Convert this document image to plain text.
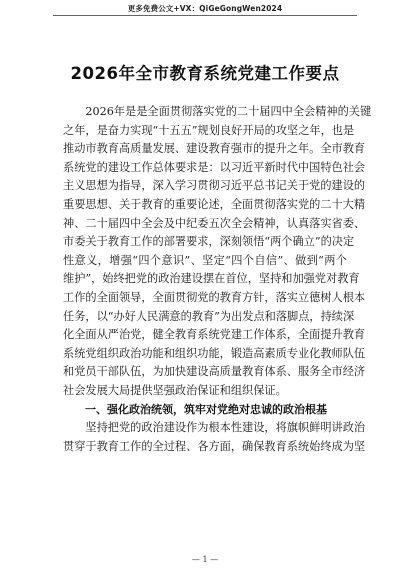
更多免费公文+VX：QiGeGongWen2024
2026年全市教育系统党建工作要点
　　2026年是是全面贯彻落实党的二十届四中全会精神的关键
之年，是奋力实现“十五五”规划良好开局的攻坚之年，也是
推动市教育高质量发展、建设教育强市的提升之年。全市教育
系统党的建设工作总体要求是：以习近平新时代中国特色社会
主义思想为指导，深入学习贯彻习近平总书记关于党的建设的
重要思想、关于教育的重要论述，全面贯彻落实党的二十大精
神、二十届四中全会及中纪委五次全会精神，认真落实省委、
市委关于教育工作的部署要求，深刻领悟“两个确立”的决定
性意义，增强“四个意识”、坚定“四个自信”、做到“两个
维护”，始终把党的政治建设摆在首位，坚持和加强党对教育
工作的全面领导，全面贯彻党的教育方针，落实立德树人根本
任务，以“办好人民满意的教育”为出发点和落脚点，持续深
化全面从严治党，健全教育系统党建工作体系，全面提升教育
系统党组织政治功能和组织功能，锻造高素质专业化教师队伍
和党员干部队伍，为加快建设高质量教育体系、服务全市经济
社会发展大局提供坚强政治保证和组织保证。
一、强化政治统领，筑牢对党绝对忠诚的政治根基
　　坚持把党的政治建设作为根本性建设，将旗帜鲜明讲政治
贯穿于教育工作的全过程、各方面，确保教育系统始终成为坚
— 1 —
